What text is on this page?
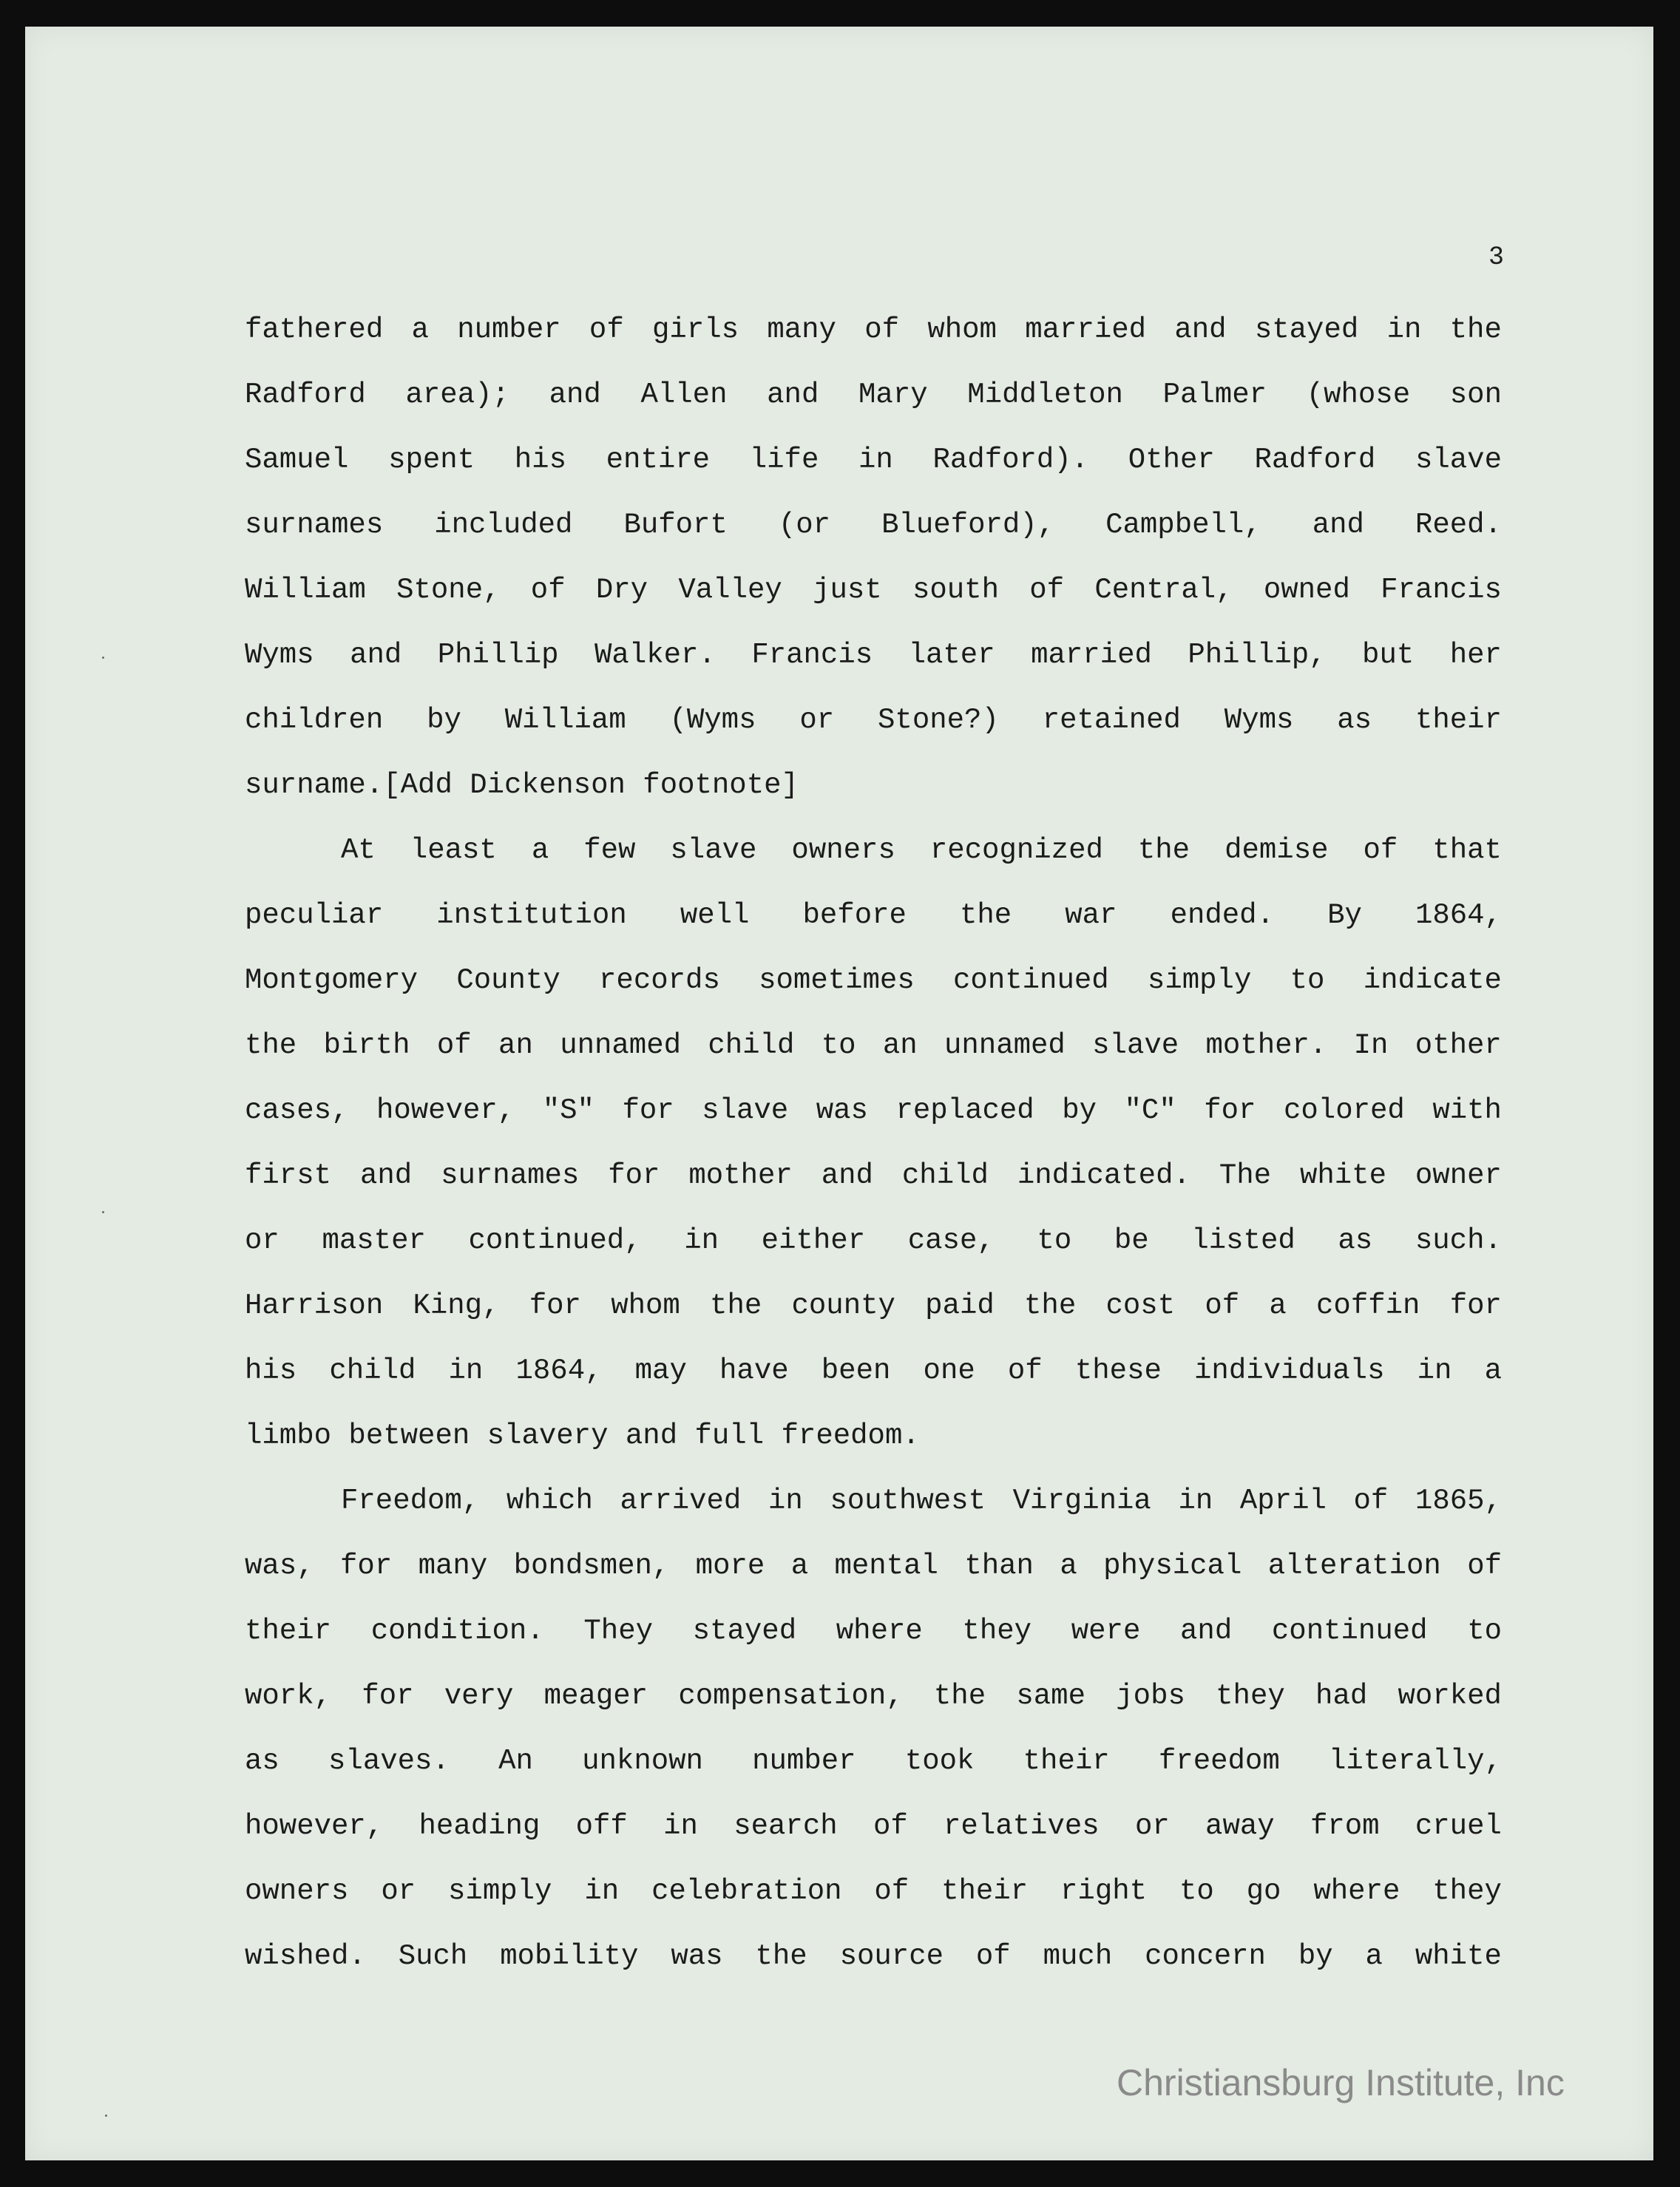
3
fathered a number of girls many of whom married and stayed in the
Radford area); and Allen and Mary Middleton Palmer (whose son
Samuel spent his entire life in Radford). Other Radford slave
surnames included Bufort (or Blueford), Campbell, and Reed.
William Stone, of Dry Valley just south of Central, owned Francis
Wyms and Phillip Walker. Francis later married Phillip, but her
children by William (Wyms or Stone?) retained Wyms as their
surname.[Add Dickenson footnote]
At least a few slave owners recognized the demise of that
peculiar institution well before the war ended. By 1864,
Montgomery County records sometimes continued simply to indicate
the birth of an unnamed child to an unnamed slave mother. In other
cases, however, "S" for slave was replaced by "C" for colored with
first and surnames for mother and child indicated. The white owner
or master continued, in either case, to be listed as such.
Harrison King, for whom the county paid the cost of a coffin for
his child in 1864, may have been one of these individuals in a
limbo between slavery and full freedom.
Freedom, which arrived in southwest Virginia in April of 1865,
was, for many bondsmen, more a mental than a physical alteration of
their condition. They stayed where they were and continued to
work, for very meager compensation, the same jobs they had worked
as slaves. An unknown number took their freedom literally,
however, heading off in search of relatives or away from cruel
owners or simply in celebration of their right to go where they
wished. Such mobility was the source of much concern by a white
Christiansburg Institute, Inc
